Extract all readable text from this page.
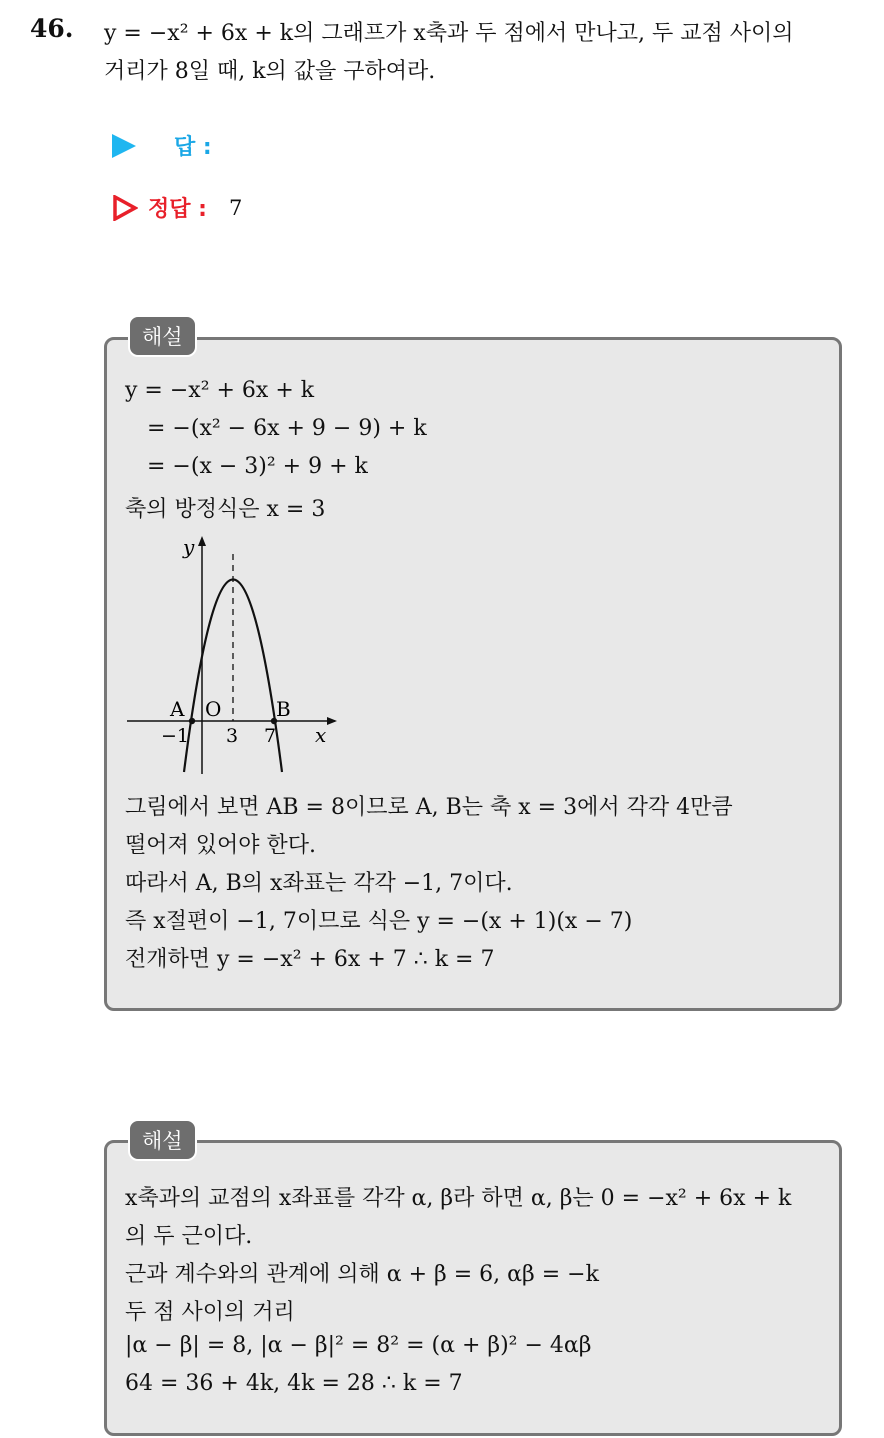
46. y = −x² + 6x + k의 그래프가 x축과 두 점에서 만나고, 두 교점 사이의
거리가 8일 때, k의 값을 구하여라.
답 :
정답 : 7
y = −x² + 6x + k
= −(x² − 6x + 9 − 9) + k
= −(x − 3)² + 9 + k
축의 방정식은 x = 3
y
x
A O	B
−1 3 7
그림에서 보면 AB = 8이므로 A, B는 축 x = 3에서 각각 4만큼
떨어져 있어야 한다.
따라서 A, B의 x좌표는 각각 −1, 7이다.
즉 x절편이 −1, 7이므로 식은 y = −(x + 1)(x − 7)
전개하면 y = −x² + 6x + 7 ∴ k = 7
해설
x축과의 교점의 x좌표를 각각 α, β라 하면 α, β는 0 = −x² + 6x + k
의 두 근이다.
근과 계수와의 관계에 의해 α + β = 6, αβ = −k
두 점 사이의 거리
|α − β| = 8, |α − β|² = 8² = (α + β)² − 4αβ
64 = 36 + 4k, 4k = 28 ∴ k = 7
해설
